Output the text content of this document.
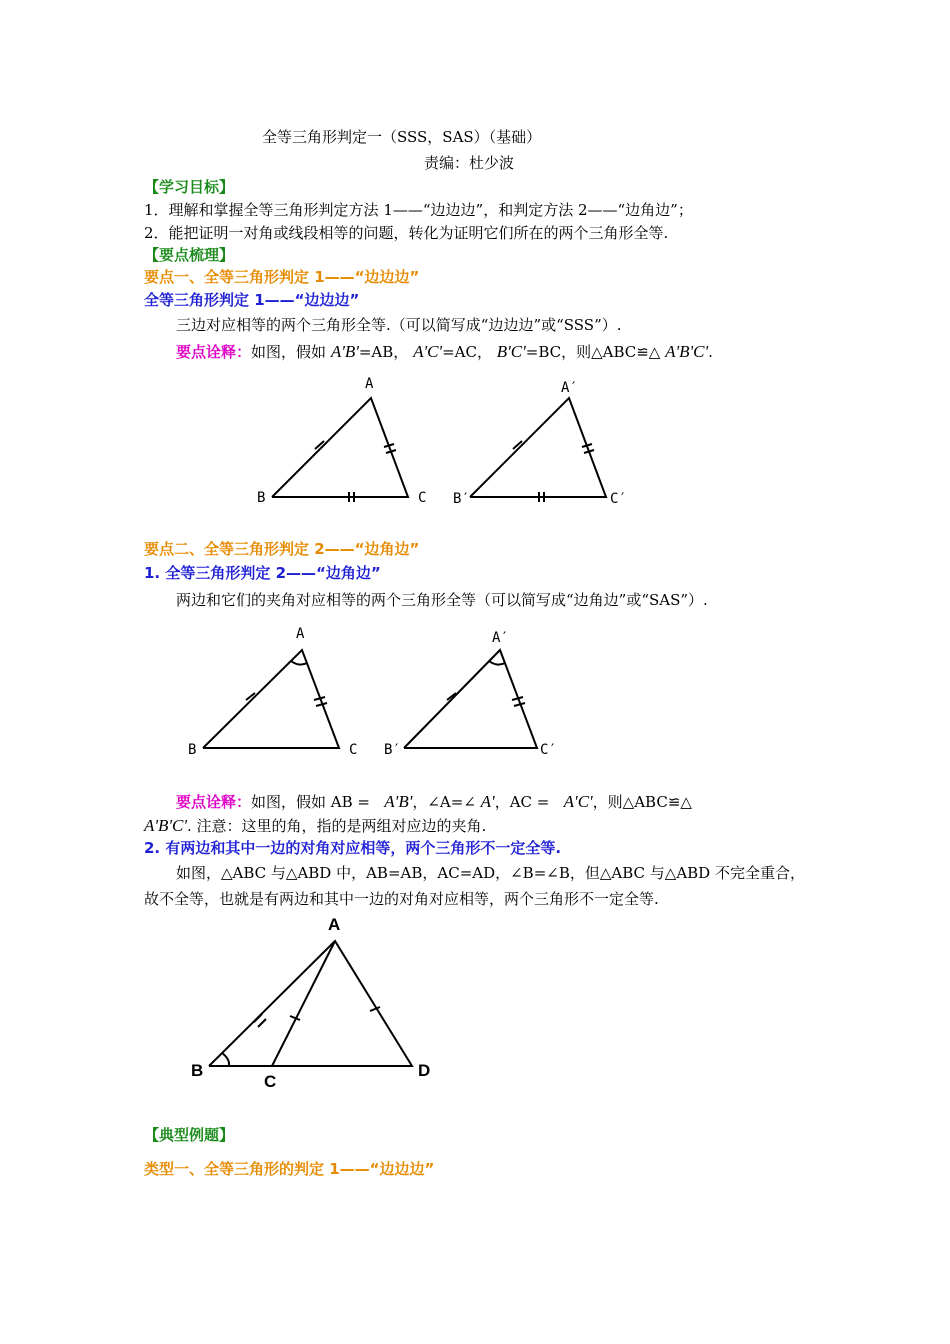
全等三角形判定一（SSS，SAS）（基础）
责编：杜少波
【学习目标】
1．理解和掌握全等三角形判定方法 1——“边边边”，和判定方法 2——“边角边”；
2．能把证明一对角或线段相等的问题，转化为证明它们所在的两个三角形全等.
【要点梳理】
要点一、全等三角形判定 1——“边边边”
全等三角形判定 1——“边边边”
三边对应相等的两个三角形全等.（可以简写成“边边边”或“SSS”）.
要点诠释：如图，假如 A'B'=AB， A'C'=AC， B'C'=BC，则△ABC≌△ A'B'C'.
A
B	C
A′
B′	C′
要点二、全等三角形判定 2——“边角边”
1. 全等三角形判定 2——“边角边”
两边和它们的夹角对应相等的两个三角形全等（可以简写成“边角边”或“SAS”）.
A
B	C
A′
B′	C′
要点诠释：如图，假如 AB = A'B'，∠A=∠ A'，AC = A'C'，则△ABC≌△
A'B'C'. 注意：这里的角，指的是两组对应边的夹角.
2. 有两边和其中一边的对角对应相等，两个三角形不一定全等.
如图，△ABC 与△ABD 中，AB=AB，AC=AD，∠B=∠B，但△ABC 与△ABD 不完全重合，
故不全等，也就是有两边和其中一边的对角对应相等，两个三角形不一定全等.
A
B
C
D
【典型例题】
类型一、全等三角形的判定 1——“边边边”
